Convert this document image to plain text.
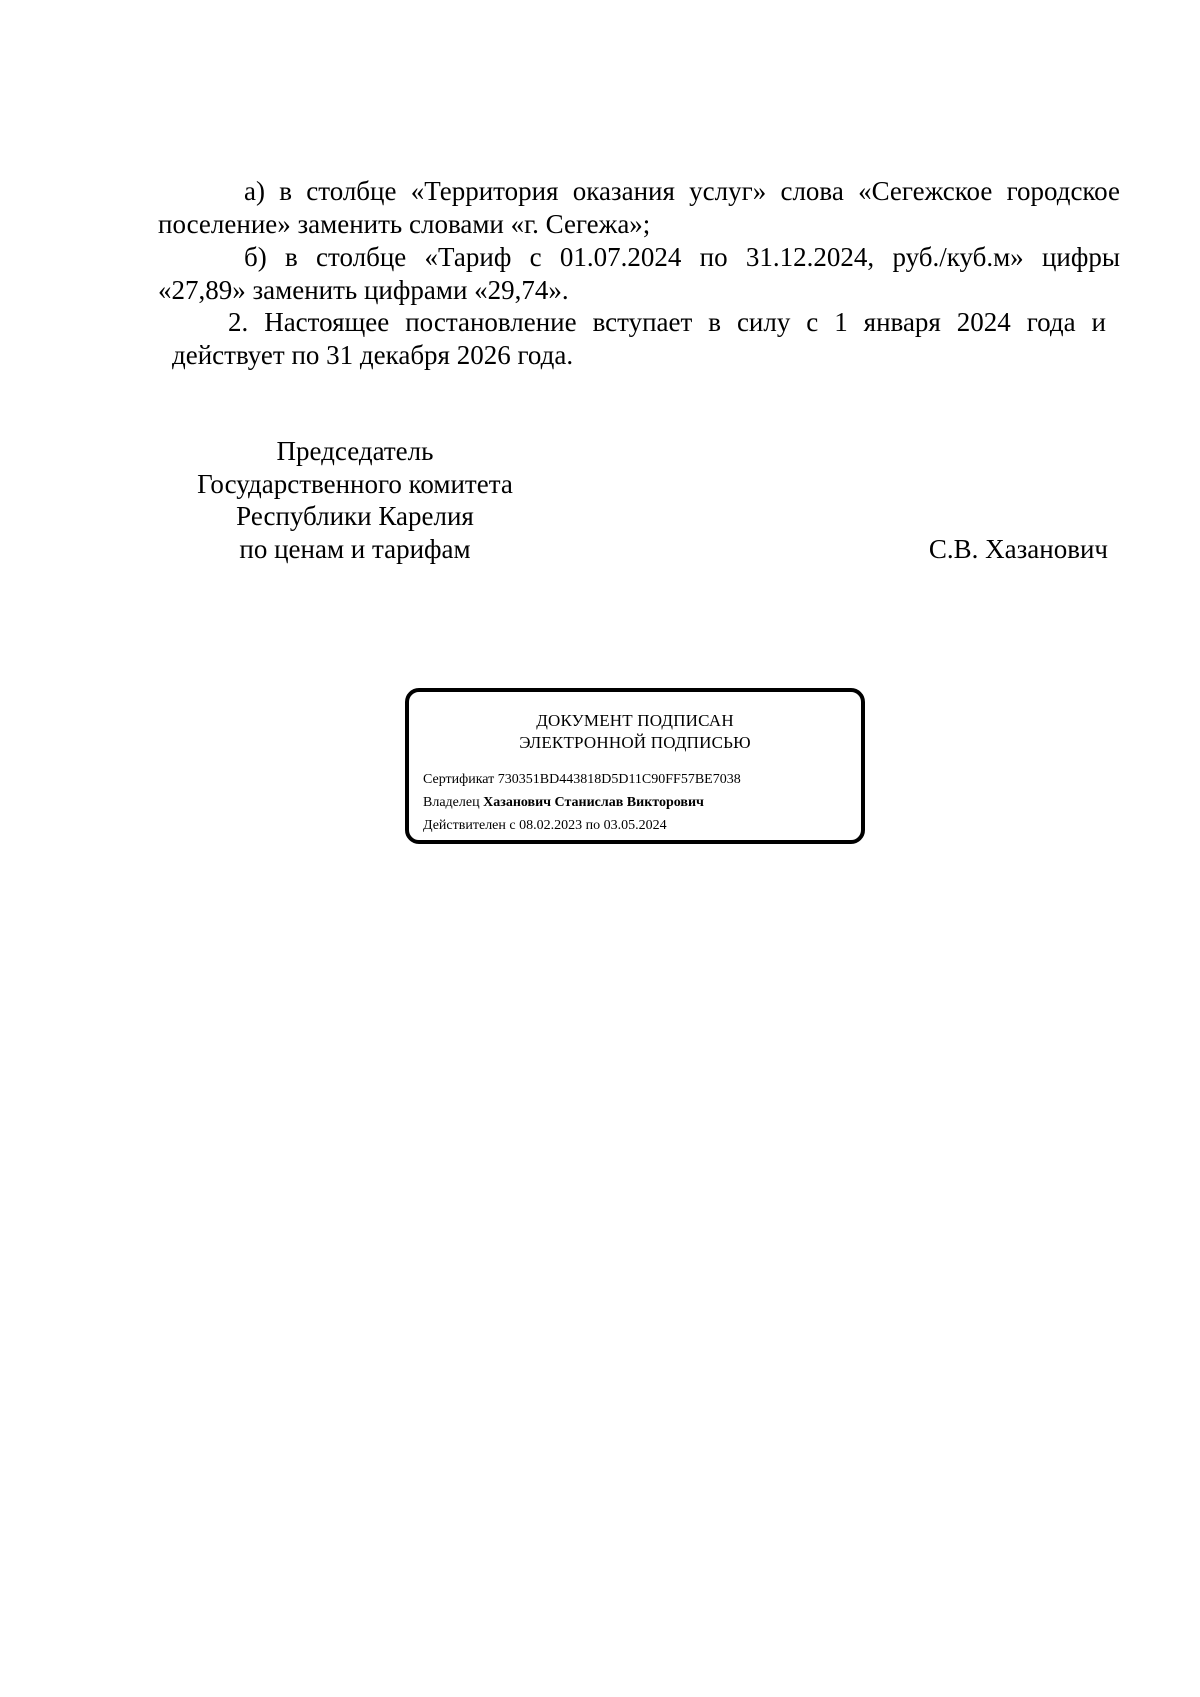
а) в столбце «Территория оказания услуг» слова «Сегежское городское
поселение» заменить словами «г. Сегежа»;
б) в столбце «Тариф с 01.07.2024 по 31.12.2024, руб./куб.м» цифры
«27,89» заменить цифрами «29,74».
2. Настоящее постановление вступает в силу с 1 января 2024 года и
действует по 31 декабря 2026 года.
Председатель
Государственного комитета
Республики Карелия
по ценам и тарифам	С.В. Хазанович
ДОКУМЕНТ ПОДПИСАН
ЭЛЕКТРОННОЙ ПОДПИСЬЮ
Сертификат 730351BD443818D5D11C90FF57BE7038
Владелец Хазанович Станислав Викторович
Действителен с 08.02.2023 по 03.05.2024
